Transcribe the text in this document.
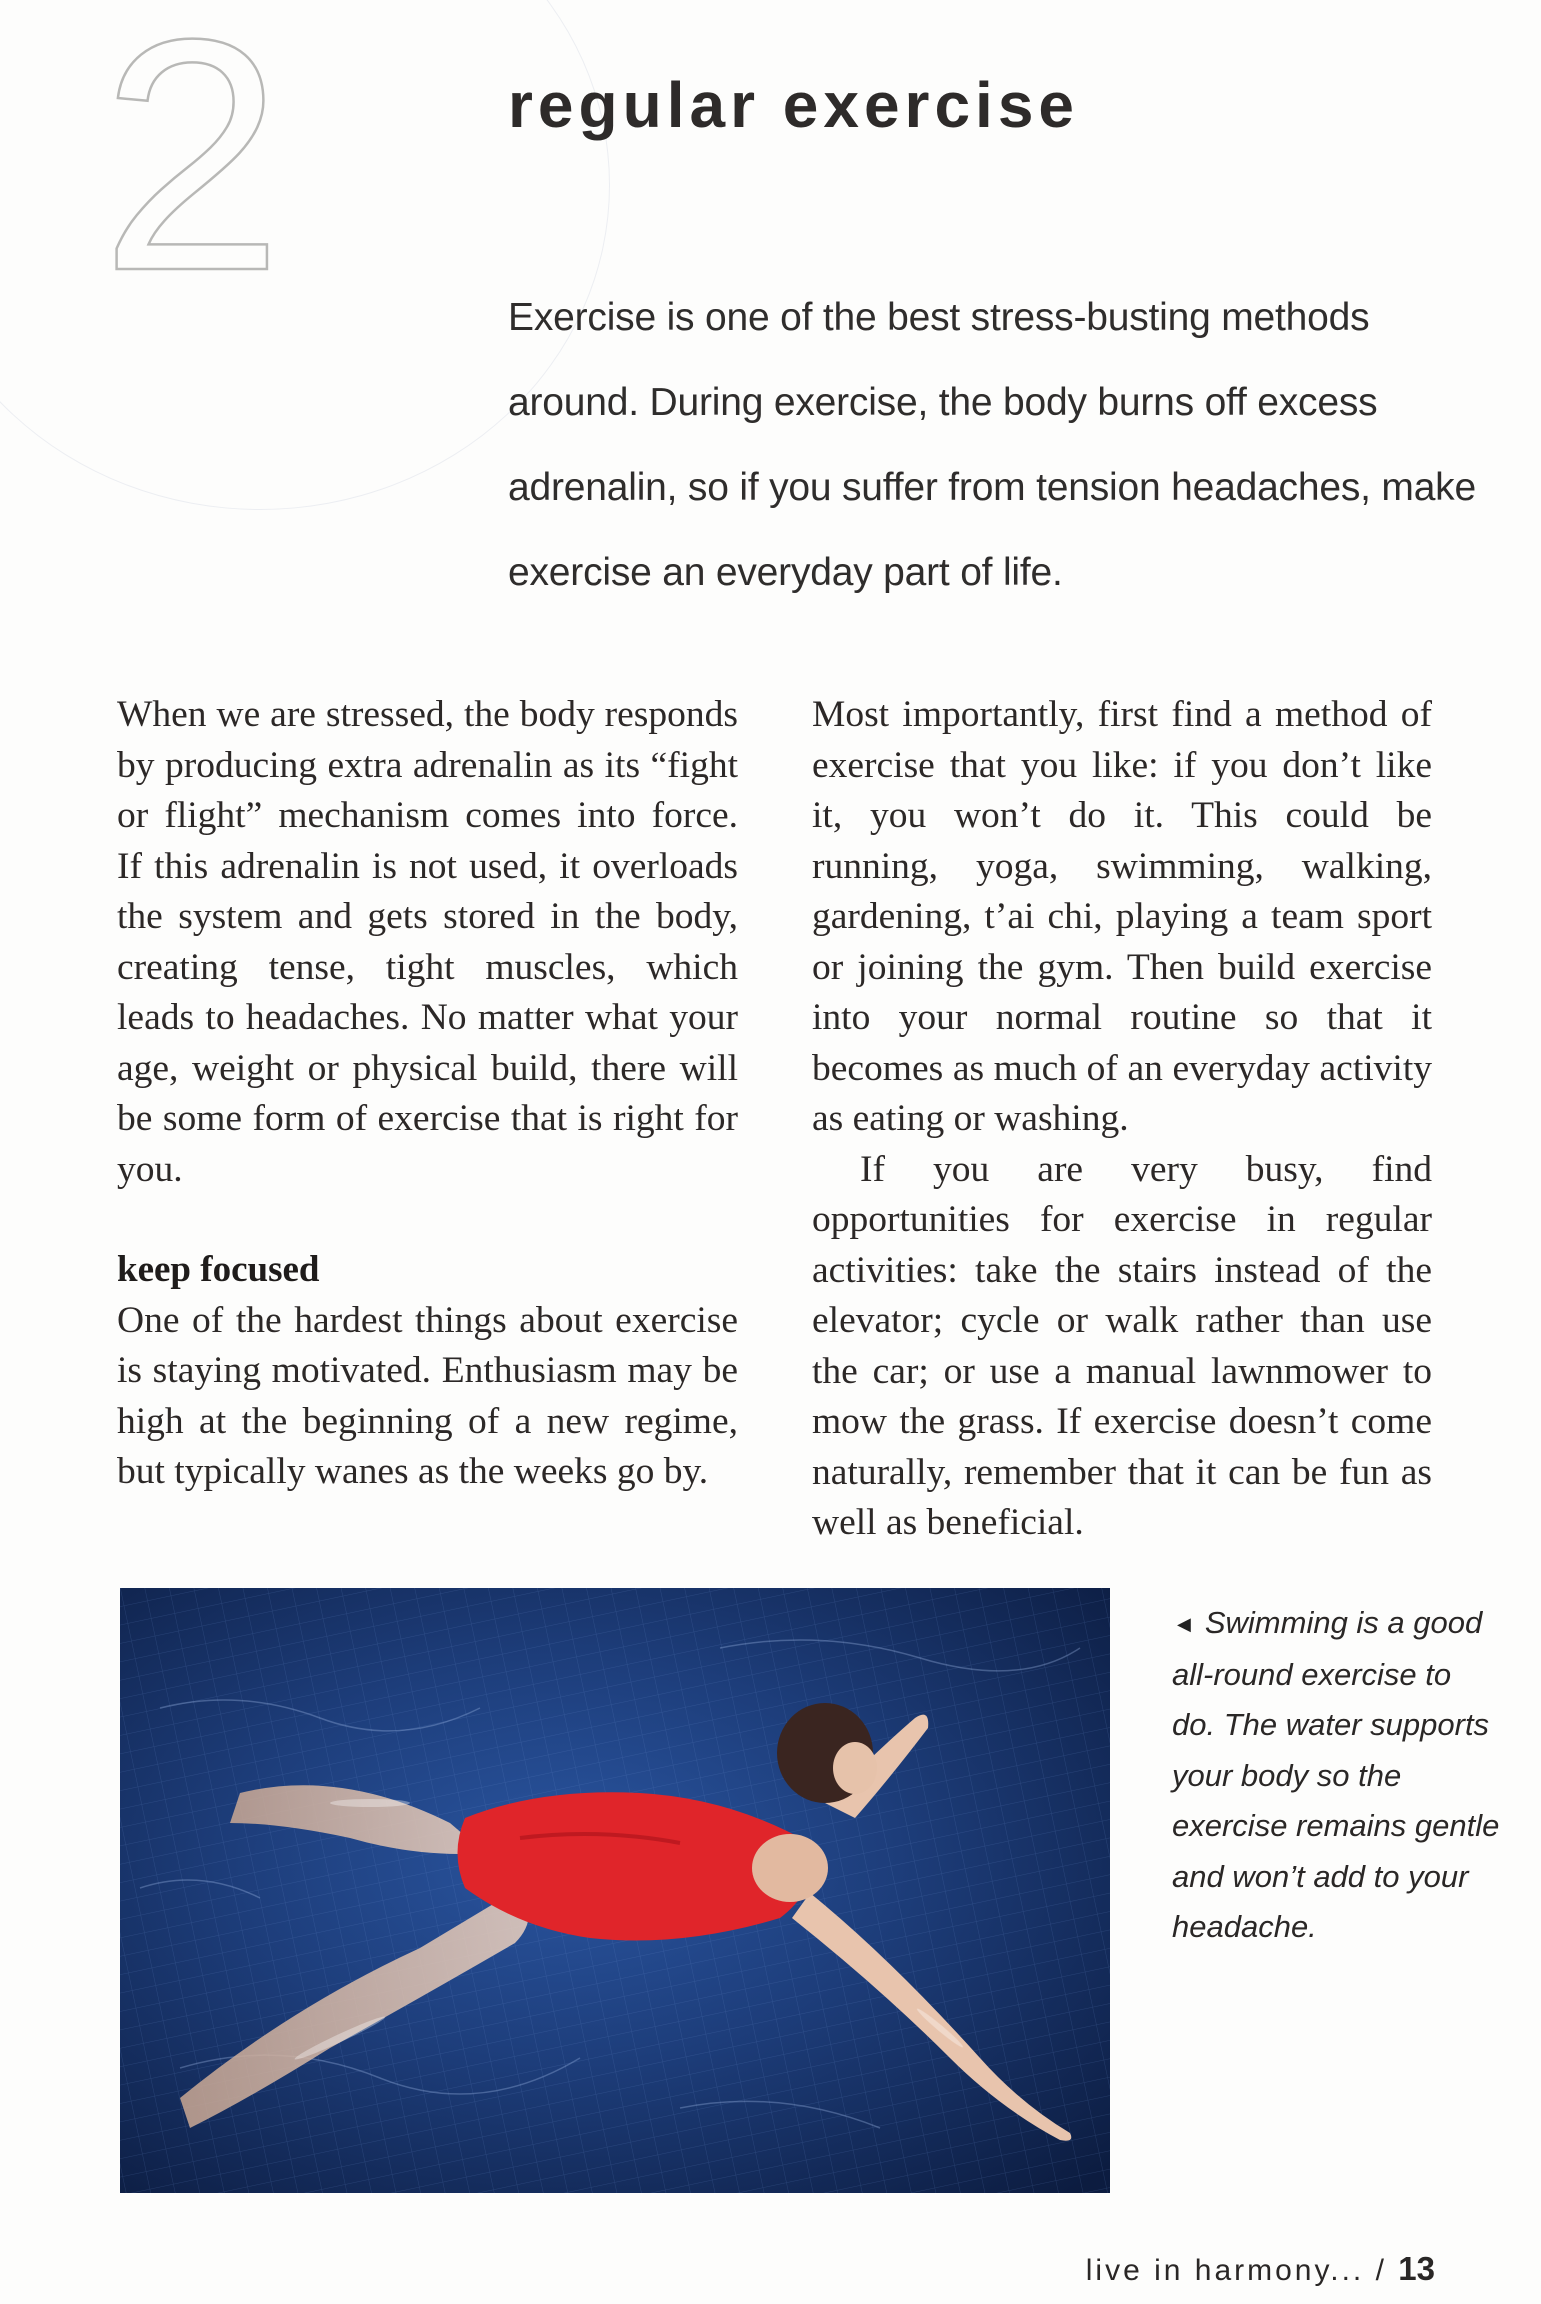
2	regular exercise

Exercise is one of the best stress-busting methods around. During exercise, the body burns off excess adrenalin, so if you suffer from tension headaches, make exercise an everyday part of life.

When we are stressed, the body responds by producing extra adrenalin as its “fight or flight” mechanism comes into force. If this adrenalin is not used, it overloads the system and gets stored in the body, creating tense, tight muscles, which leads to headaches. No matter what your age, weight or physical build, there will be some form of exercise that is right for you.

keep focused

One of the hardest things about exercise is staying motivated. Enthusiasm may be high at the beginning of a new regime, but typically wanes as the weeks go by.

Most importantly, first find a method of exercise that you like: if you don’t like it, you won’t do it. This could be running, yoga, swimming, walking, gardening, t’ai chi, playing a team sport or joining the gym. Then build exercise into your normal routine so that it becomes as much of an everyday activity as eating or washing.

If you are very busy, find opportunities for exercise in regular activities: take the stairs instead of the elevator; cycle or walk rather than use the car; or use a manual lawnmower to mow the grass. If exercise doesn’t come naturally, remember that it can be fun as well as beneficial.

◀ Swimming is a good all-round exercise to do. The water supports your body so the exercise remains gentle and won’t add to your headache.

live in harmony... / 13
